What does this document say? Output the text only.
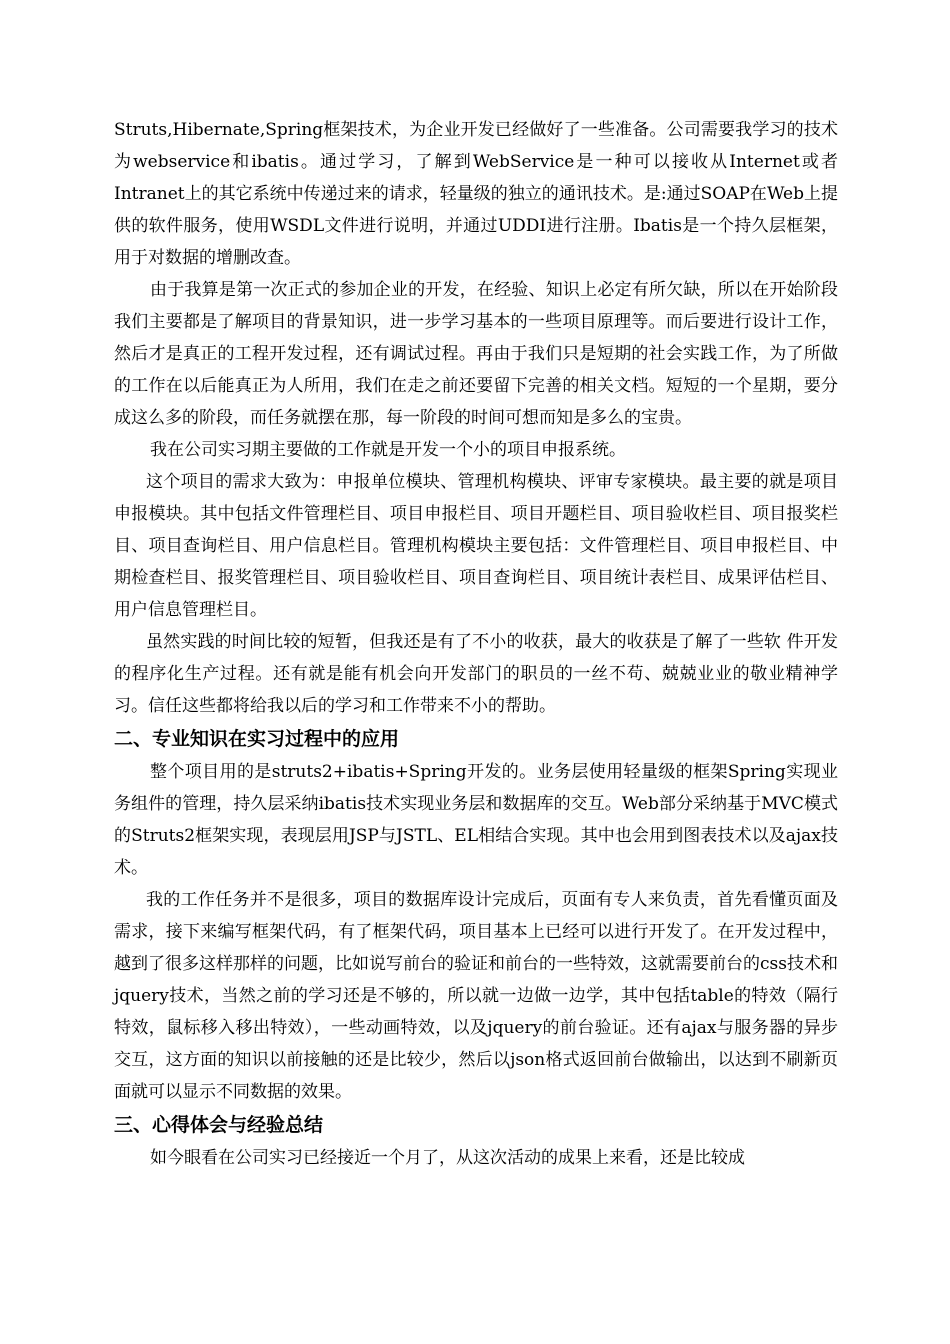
Struts,Hibernate,Spring框架技术，为企业开发已经做好了一些准备。公司需要我学习的技术为webservice和ibatis。通过学习，了解到WebService是一种可以接收从Internet或者Intranet上的其它系统中传递过来的请求，轻量级的独立的通讯技术。是:通过SOAP在Web上提供的软件服务，使用WSDL文件进行说明，并通过UDDI进行注册。Ibatis是一个持久层框架，用于对数据的增删改查。

由于我算是第一次正式的参加企业的开发，在经验、知识上必定有所欠缺，所以在开始阶段我们主要都是了解项目的背景知识，进一步学习基本的一些项目原理等。而后要进行设计工作，然后才是真正的工程开发过程，还有调试过程。再由于我们只是短期的社会实践工作，为了所做的工作在以后能真正为人所用，我们在走之前还要留下完善的相关文档。短短的一个星期，要分成这么多的阶段，而任务就摆在那，每一阶段的时间可想而知是多么的宝贵。

我在公司实习期主要做的工作就是开发一个小的项目申报系统。

这个项目的需求大致为：申报单位模块、管理机构模块、评审专家模块。最主要的就是项目申报模块。其中包括文件管理栏目、项目申报栏目、项目开题栏目、项目验收栏目、项目报奖栏目、项目查询栏目、用户信息栏目。管理机构模块主要包括：文件管理栏目、项目申报栏目、中期检查栏目、报奖管理栏目、项目验收栏目、项目查询栏目、项目统计表栏目、成果评估栏目、用户信息管理栏目。

虽然实践的时间比较的短暂，但我还是有了不小的收获，最大的收获是了解了一些软 件开发的程序化生产过程。还有就是能有机会向开发部门的职员的一丝不苟、兢兢业业的敬业精神学习。信任这些都将给我以后的学习和工作带来不小的帮助。

二、专业知识在实习过程中的应用

整个项目用的是struts2+ibatis+Spring开发的。业务层使用轻量级的框架Spring实现业务组件的管理，持久层采纳ibatis技术实现业务层和数据库的交互。Web部分采纳基于MVC模式的Struts2框架实现，表现层用JSP与JSTL、EL相结合实现。其中也会用到图表技术以及ajax技术。

我的工作任务并不是很多，项目的数据库设计完成后，页面有专人来负责，首先看懂页面及需求，接下来编写框架代码，有了框架代码，项目基本上已经可以进行开发了。在开发过程中，越到了很多这样那样的问题，比如说写前台的验证和前台的一些特效，这就需要前台的css技术和jquery技术，当然之前的学习还是不够的，所以就一边做一边学，其中包括table的特效（隔行特效，鼠标移入移出特效），一些动画特效，以及jquery的前台验证。还有ajax与服务器的异步交互，这方面的知识以前接触的还是比较少，然后以json格式返回前台做输出，以达到不刷新页面就可以显示不同数据的效果。

三、心得体会与经验总结

如今眼看在公司实习已经接近一个月了，从这次活动的成果上来看，还是比较成
